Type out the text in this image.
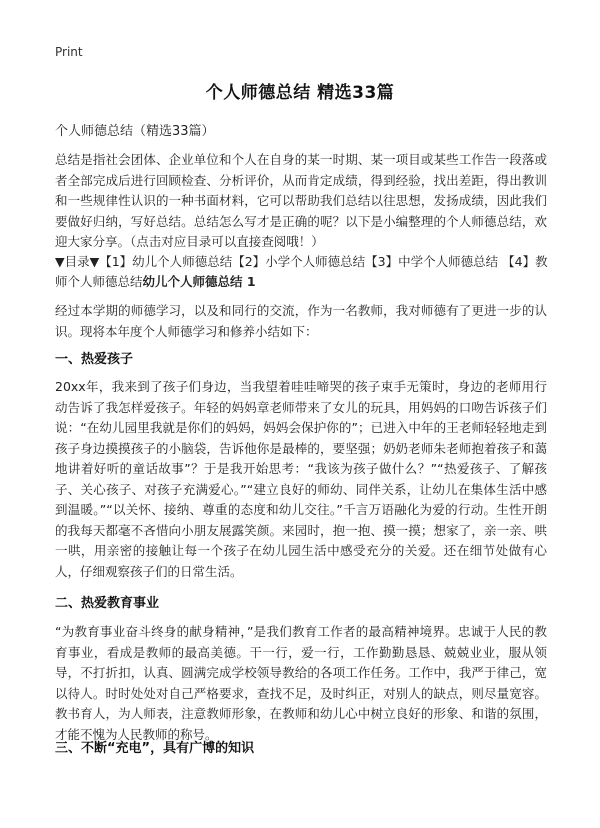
Print
个人师德总结 精选33篇
个人师德总结（精选33篇）
总结是指社会团体、企业单位和个人在自身的某一时期、某一项目或某些工作告一段落或者全部完成后进行回顾检查、分析评价，从而肯定成绩，得到经验，找出差距，得出教训和一些规律性认识的一种书面材料，它可以帮助我们总结以往思想，发扬成绩，因此我们要做好归纳，写好总结。总结怎么写才是正确的呢？以下是小编整理的个人师德总结，欢迎大家分享。（点击对应目录可以直接查阅哦！）
▼目录▼【1】幼儿个人师德总结【2】小学个人师德总结【3】中学个人师德总结 【4】教师个人师德总结幼儿个人师德总结 1
经过本学期的师德学习，以及和同行的交流，作为一名教师，我对师德有了更进一步的认识。现将本年度个人师德学习和修养小结如下：
一、热爱孩子
20xx年，我来到了孩子们身边，当我望着哇哇啼哭的孩子束手无策时，身边的老师用行动告诉了我怎样爱孩子。年轻的妈妈章老师带来了女儿的玩具，用妈妈的口吻告诉孩子们说：“在幼儿园里我就是你们的妈妈，妈妈会保护你的”；已进入中年的王老师轻轻地走到孩子身边摸摸孩子的小脑袋，告诉他你是最棒的，要坚强；奶奶老师朱老师抱着孩子和蔼地讲着好听的童话故事”？于是我开始思考：“我该为孩子做什么？”“热爱孩子、了解孩子、关心孩子、对孩子充满爱心。”“建立良好的师幼、同伴关系，让幼儿在集体生活中感到温暖。”“以关怀、接纳、尊重的态度和幼儿交往。”千言万语融化为爱的行动。生性开朗的我每天都毫不吝惜向小朋友展露笑颜。来园时，抱一抱、摸一摸；想家了，亲一亲、哄一哄，用亲密的接触让每一个孩子在幼儿园生活中感受充分的关爱。还在细节处做有心人，仔细观察孩子们的日常生活。
二、热爱教育事业
“为教育事业奋斗终身的献身精神，”是我们教育工作者的最高精神境界。忠诚于人民的教育事业，看成是教师的最高美德。干一行，爱一行，工作勤勤恳恳、兢兢业业，服从领导，不打折扣，认真、圆满完成学校领导教给的各项工作任务。工作中，我严于律己，宽以待人。时时处处对自己严格要求，查找不足，及时纠正，对别人的缺点，则尽量宽容。教书育人，为人师表，注意教师形象，在教师和幼儿心中树立良好的形象、和谐的氛围，才能不愧为人民教师的称号。
三、不断“充电”，具有广博的知识
